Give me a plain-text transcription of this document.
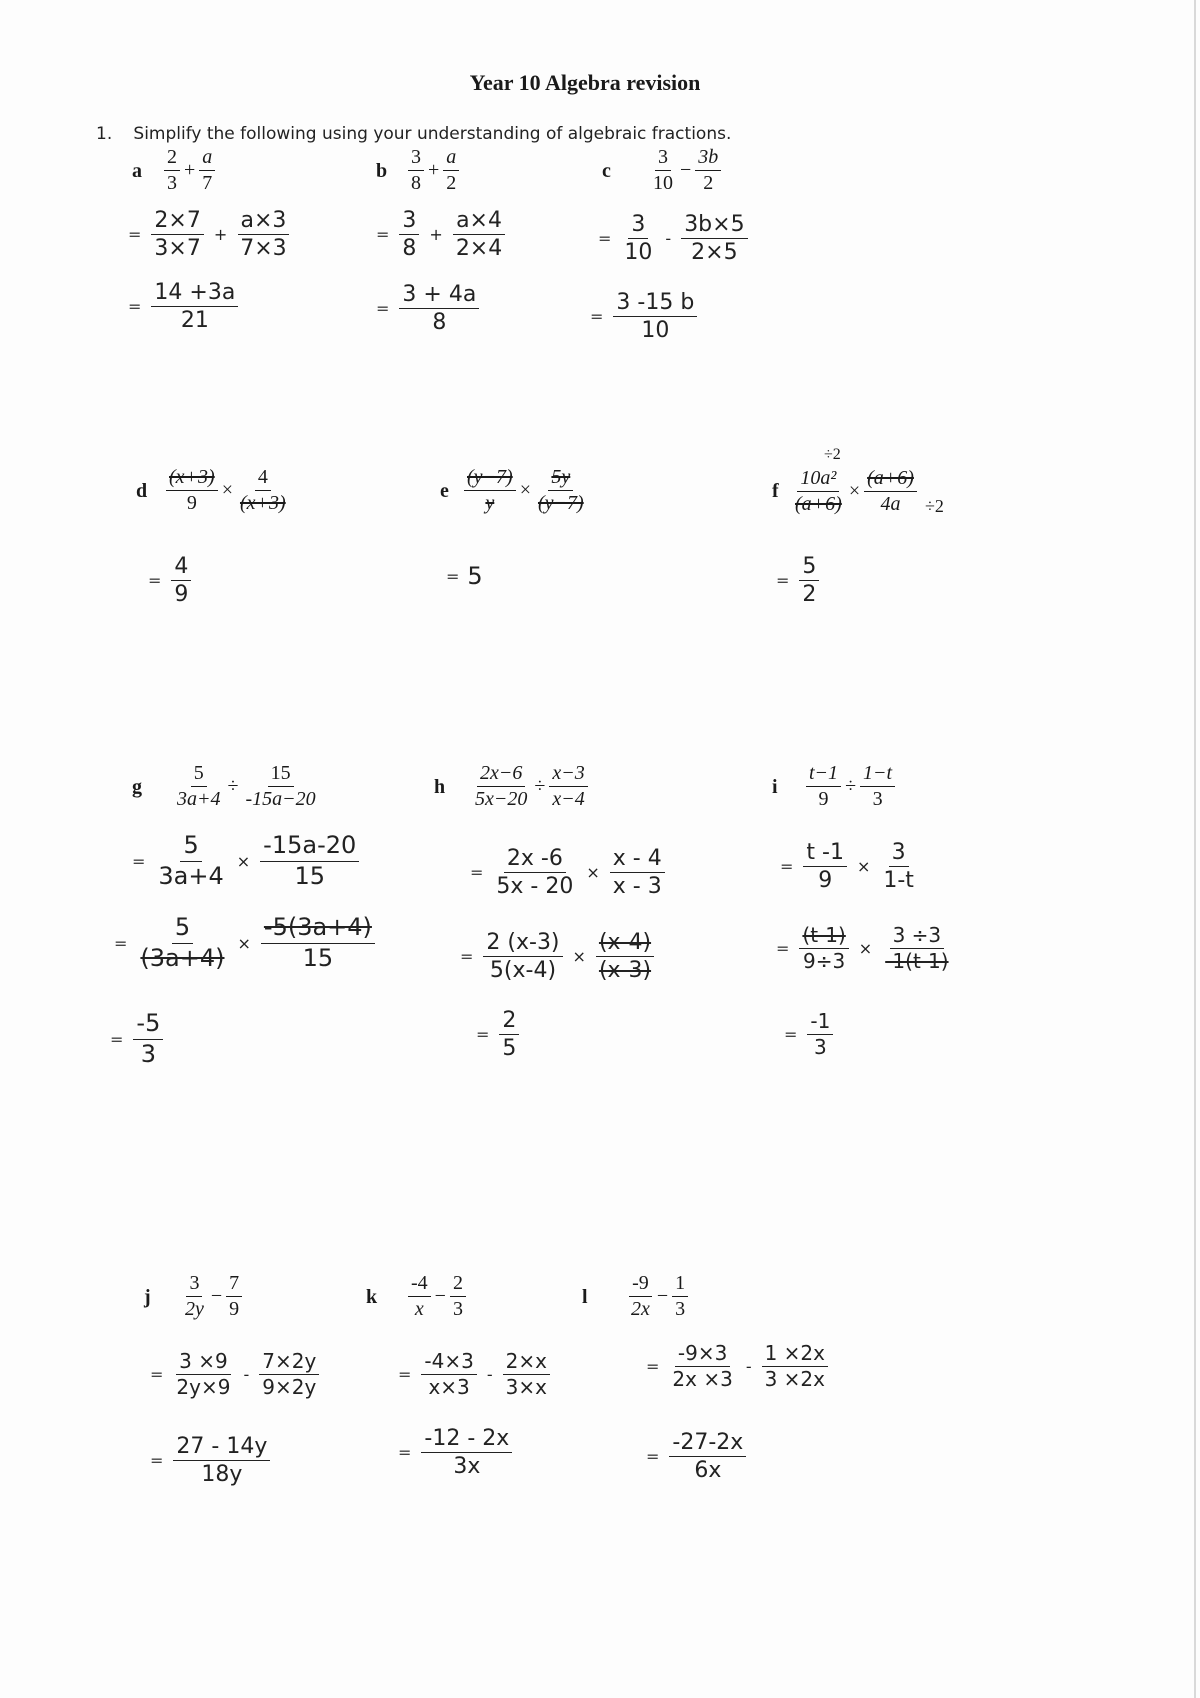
Year 10 Algebra revision
1. Simplify the following using your understanding of algebraic fractions.
a $\frac{2}{3} + \frac{a}{7}$
= $\frac{2\times 7}{3\times 7} + \frac{a\times 3}{7\times 3}$
= $\frac{14 +3a}{21}$
b $\frac{3}{8} + \frac{a}{2}$
= $\frac{3}{8} + \frac{a\times 4}{2\times 4}$
= $\frac{3 + 4a}{8}$
c $\frac{3}{10} - \frac{3b}{2}$
= $\frac{3}{10} - \frac{3b\times 5}{2\times 5}$
= $\frac{3 -15 b}{10}$
d $\frac{(x+3)}{9} \times \frac{4}{(x+3)}$
= $\frac{4}{9}$
e $\frac{(y-7)}{y} \times \frac{5y}{(y-7)}$
= 5
f
÷2
$\frac{\text{10a²}}{(a+6)} \times \frac{(a+6)}{4a} \div 2$
= $\frac{5}{2}$
g $\frac{5}{3a+4} \div \frac{15}{-15a-20}$
= $\frac{5}{3a+4} \times \frac{-15a-20}{15}$
= $\frac{5}{(3a+4)} \times \frac{-5(3a+4)}{15}$
= $\frac{-5}{3}$
h $\frac{2x-6}{5x-20} \div \frac{x-3}{x-4}$
= $\frac{2x -6}{5x - 20} \times \frac{x - 4}{x - 3}$
= $\frac{2 (x-3)}{5(x-4)} \times \frac{(x-4)}{(x-3)}$
= $\frac{2}{5}$
i $\frac{t-1}{9} \div \frac{1-t}{3}$
= $\frac{t -1}{9} \times \frac{3}{1-t}$
= $\frac{(t-1)}{9\div 3} \times \frac{3 \div 3}{-1(t-1)}$
= $\frac{-1}{3}$
j $\frac{3}{2y} - \frac{7}{9}$
= $\frac{3 \times 9}{2y\times 9} - \frac{7\times 2y}{9\times 2y}$
= $\frac{27 - 14y}{18y}$
k $\frac{-4}{x} - \frac{2}{3}$
= $\frac{-4\times 3}{x\times 3} - \frac{2\times x}{3\times x}$
= $\frac{-12 - 2x}{3x}$
l $\frac{-9}{2x} - \frac{1}{3}$
= $\frac{-9\times 3}{2x \times 3} - \frac{1 \times 2x}{3 \times 2x}$
= $\frac{-27-2x}{6x}$
